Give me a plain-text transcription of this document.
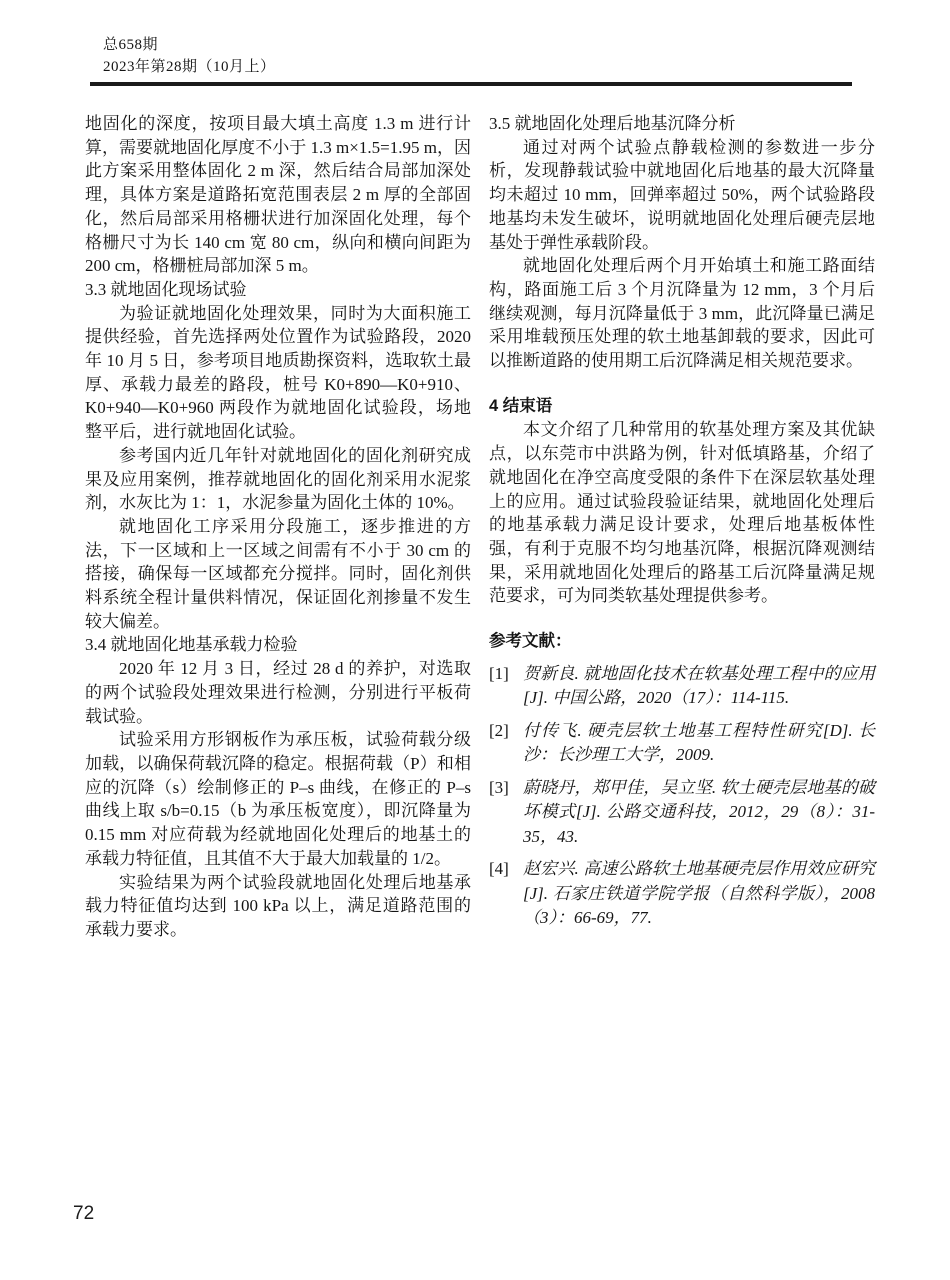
总658期
2023年第28期（10月上）
地固化的深度，按项目最大填土高度 1.3 m 进行计算，需要就地固化厚度不小于 1.3 m×1.5=1.95 m，因此方案采用整体固化 2 m 深，然后结合局部加深处理，具体方案是道路拓宽范围表层 2 m 厚的全部固化，然后局部采用格栅状进行加深固化处理，每个格栅尺寸为长 140 cm 宽 80 cm，纵向和横向间距为 200 cm，格栅桩局部加深 5 m。
3.3 就地固化现场试验
为验证就地固化处理效果，同时为大面积施工提供经验，首先选择两处位置作为试验路段，2020 年 10 月 5 日，参考项目地质勘探资料，选取软土最厚、承载力最差的路段，桩号 K0+890—K0+910、K0+940—K0+960 两段作为就地固化试验段，场地整平后，进行就地固化试验。
参考国内近几年针对就地固化的固化剂研究成果及应用案例，推荐就地固化的固化剂采用水泥浆剂，水灰比为 1：1，水泥参量为固化土体的 10%。
就地固化工序采用分段施工，逐步推进的方法，下一区域和上一区域之间需有不小于 30 cm 的搭接，确保每一区域都充分搅拌。同时，固化剂供料系统全程计量供料情况，保证固化剂掺量不发生较大偏差。
3.4 就地固化地基承载力检验
2020 年 12 月 3 日，经过 28 d 的养护，对选取的两个试验段处理效果进行检测，分别进行平板荷载试验。
试验采用方形钢板作为承压板，试验荷载分级加载，以确保荷载沉降的稳定。根据荷载（P）和相应的沉降（s）绘制修正的 P–s 曲线，在修正的 P–s 曲线上取 s/b=0.15（b 为承压板宽度），即沉降量为 0.15 mm 对应荷载为经就地固化处理后的地基土的承载力特征值，且其值不大于最大加载量的 1/2。
实验结果为两个试验段就地固化处理后地基承载力特征值均达到 100 kPa 以上，满足道路范围的承载力要求。
3.5 就地固化处理后地基沉降分析
通过对两个试验点静载检测的参数进一步分析，发现静载试验中就地固化后地基的最大沉降量均未超过 10 mm，回弹率超过 50%，两个试验路段地基均未发生破坏，说明就地固化处理后硬壳层地基处于弹性承载阶段。
就地固化处理后两个月开始填土和施工路面结构，路面施工后 3 个月沉降量为 12 mm，3 个月后继续观测，每月沉降量低于 3 mm，此沉降量已满足采用堆载预压处理的软土地基卸载的要求，因此可以推断道路的使用期工后沉降满足相关规范要求。
4 结束语
本文介绍了几种常用的软基处理方案及其优缺点，以东莞市中洪路为例，针对低填路基，介绍了就地固化在净空高度受限的条件下在深层软基处理上的应用。通过试验段验证结果，就地固化处理后的地基承载力满足设计要求，处理后地基板体性强，有利于克服不均匀地基沉降，根据沉降观测结果，采用就地固化处理后的路基工后沉降量满足规范要求，可为同类软基处理提供参考。
参考文献：
[1] 贺新良. 就地固化技术在软基处理工程中的应用[J]. 中国公路，2020（17）：114-115.
[2] 付传飞. 硬壳层软土地基工程特性研究[D]. 长沙：长沙理工大学，2009.
[3] 蔚晓丹，郑甲佳，吴立坚. 软土硬壳层地基的破坏模式[J]. 公路交通科技，2012，29（8）：31-35，43.
[4] 赵宏兴. 高速公路软土地基硬壳层作用效应研究[J]. 石家庄铁道学院学报（自然科学版），2008（3）：66-69，77.
72
